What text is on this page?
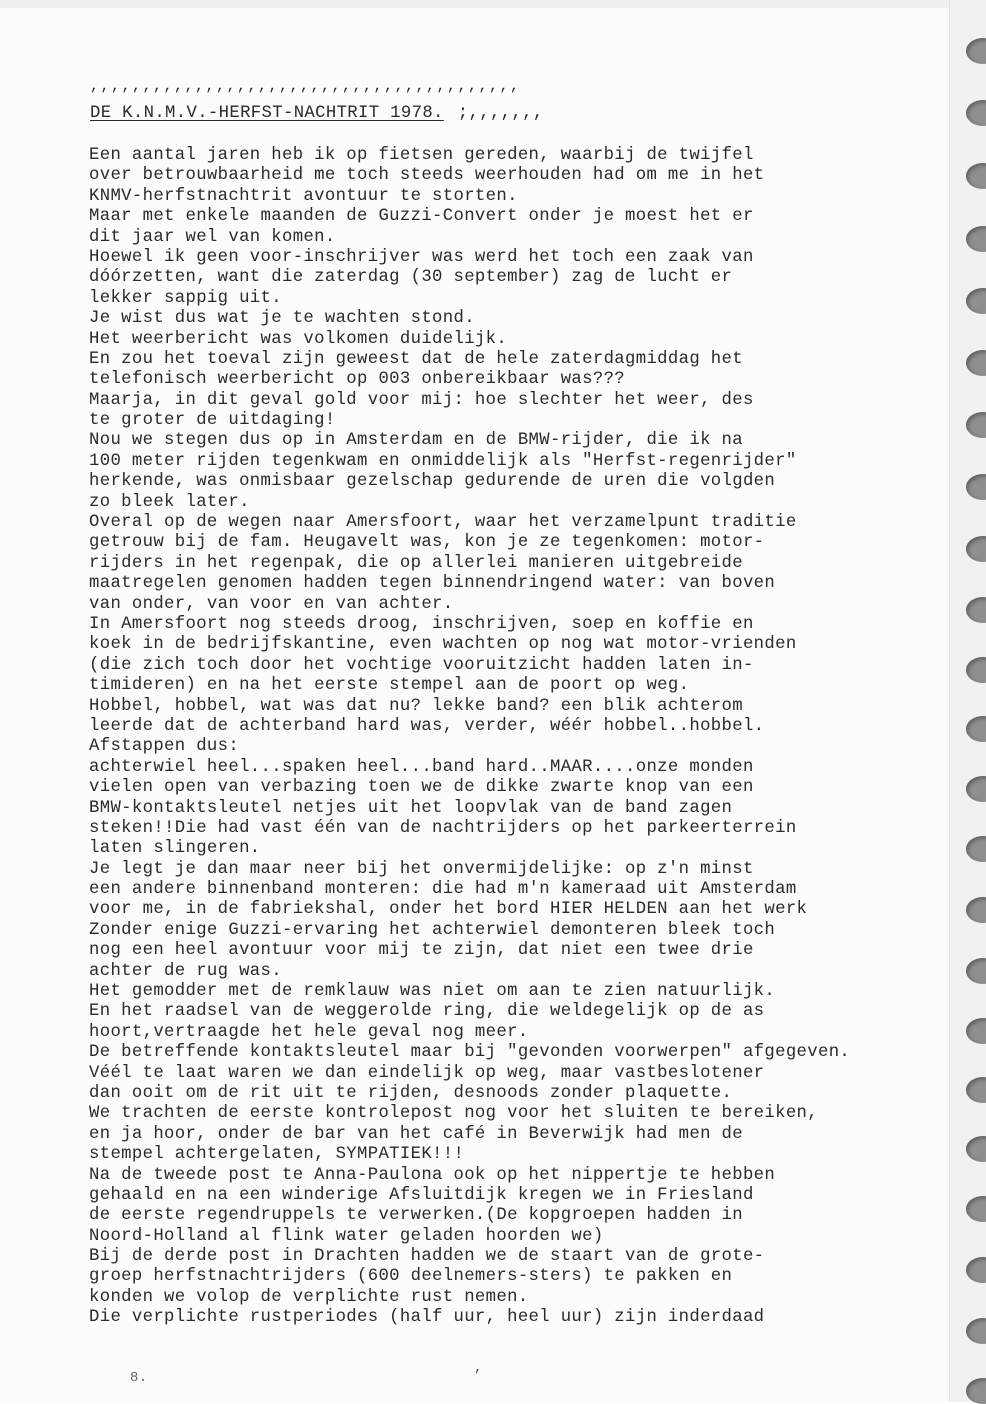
,,,,,,,,,,,,,,,,,,,,,,,,,,,,,,,,,,,,,,,,,
DE K.N.M.V.-HERFST-NACHTRIT 1978. ;,,,,,,,
Een aantal jaren heb ik op fietsen gereden, waarbij de twijfel
over betrouwbaarheid me toch steeds weerhouden had om me in het
KNMV-herfstnachtrit avontuur te storten.
Maar met enkele maanden de Guzzi-Convert onder je moest het er
dit jaar wel van komen.
Hoewel ik geen voor-inschrijver was werd het toch een zaak van
dóórzetten, want die zaterdag (30 september) zag de lucht er
lekker sappig uit.
Je wist dus wat je te wachten stond.
Het weerbericht was volkomen duidelijk.
En zou het toeval zijn geweest dat de hele zaterdagmiddag het
telefonisch weerbericht op 003 onbereikbaar was???
Maarja, in dit geval gold voor mij: hoe slechter het weer, des
te groter de uitdaging!
Nou we stegen dus op in Amsterdam en de BMW-rijder, die ik na
100 meter rijden tegenkwam en onmiddelijk als "Herfst-regenrijder"
herkende, was onmisbaar gezelschap gedurende de uren die volgden
zo bleek later.
Overal op de wegen naar Amersfoort, waar het verzamelpunt traditie
getrouw bij de fam. Heugavelt was, kon je ze tegenkomen: motor-
rijders in het regenpak, die op allerlei manieren uitgebreide
maatregelen genomen hadden tegen binnendringend water: van boven
van onder, van voor en van achter.
In Amersfoort nog steeds droog, inschrijven, soep en koffie en
koek in de bedrijfskantine, even wachten op nog wat motor-vrienden
(die zich toch door het vochtige vooruitzicht hadden laten in-
timideren) en na het eerste stempel aan de poort op weg.
Hobbel, hobbel, wat was dat nu? lekke band? een blik achterom
leerde dat de achterband hard was, verder, wéér hobbel..hobbel.
Afstappen dus:
achterwiel heel...spaken heel...band hard..MAAR....onze monden
vielen open van verbazing toen we de dikke zwarte knop van een
BMW-kontaktsleutel netjes uit het loopvlak van de band zagen
steken!!Die had vast één van de nachtrijders op het parkeerterrein
laten slingeren.
Je legt je dan maar neer bij het onvermijdelijke: op z'n minst
een andere binnenband monteren: die had m'n kameraad uit Amsterdam
voor me, in de fabriekshal, onder het bord HIER HELDEN aan het werk
Zonder enige Guzzi-ervaring het achterwiel demonteren bleek toch
nog een heel avontuur voor mij te zijn, dat niet een twee drie
achter de rug was.
Het gemodder met de remklauw was niet om aan te zien natuurlijk.
En het raadsel van de weggerolde ring, die weldegelijk op de as
hoort,vertraagde het hele geval nog meer.
De betreffende kontaktsleutel maar bij "gevonden voorwerpen" afgegeven.
Véél te laat waren we dan eindelijk op weg, maar vastbeslotener
dan ooit om de rit uit te rijden, desnoods zonder plaquette.
We trachten de eerste kontrolepost nog voor het sluiten te bereiken,
en ja hoor, onder de bar van het café in Beverwijk had men de
stempel achtergelaten, SYMPATIEK!!!
Na de tweede post te Anna-Paulona ook op het nippertje te hebben
gehaald en na een winderige Afsluitdijk kregen we in Friesland
de eerste regendruppels te verwerken.(De kopgroepen hadden in
Noord-Holland al flink water geladen hoorden we)
Bij de derde post in Drachten hadden we de staart van de grote-
groep herfstnachtrijders (600 deelnemers-sters) te pakken en
konden we volop de verplichte rust nemen.
Die verplichte rustperiodes (half uur, heel uur) zijn inderdaad
8.
,
